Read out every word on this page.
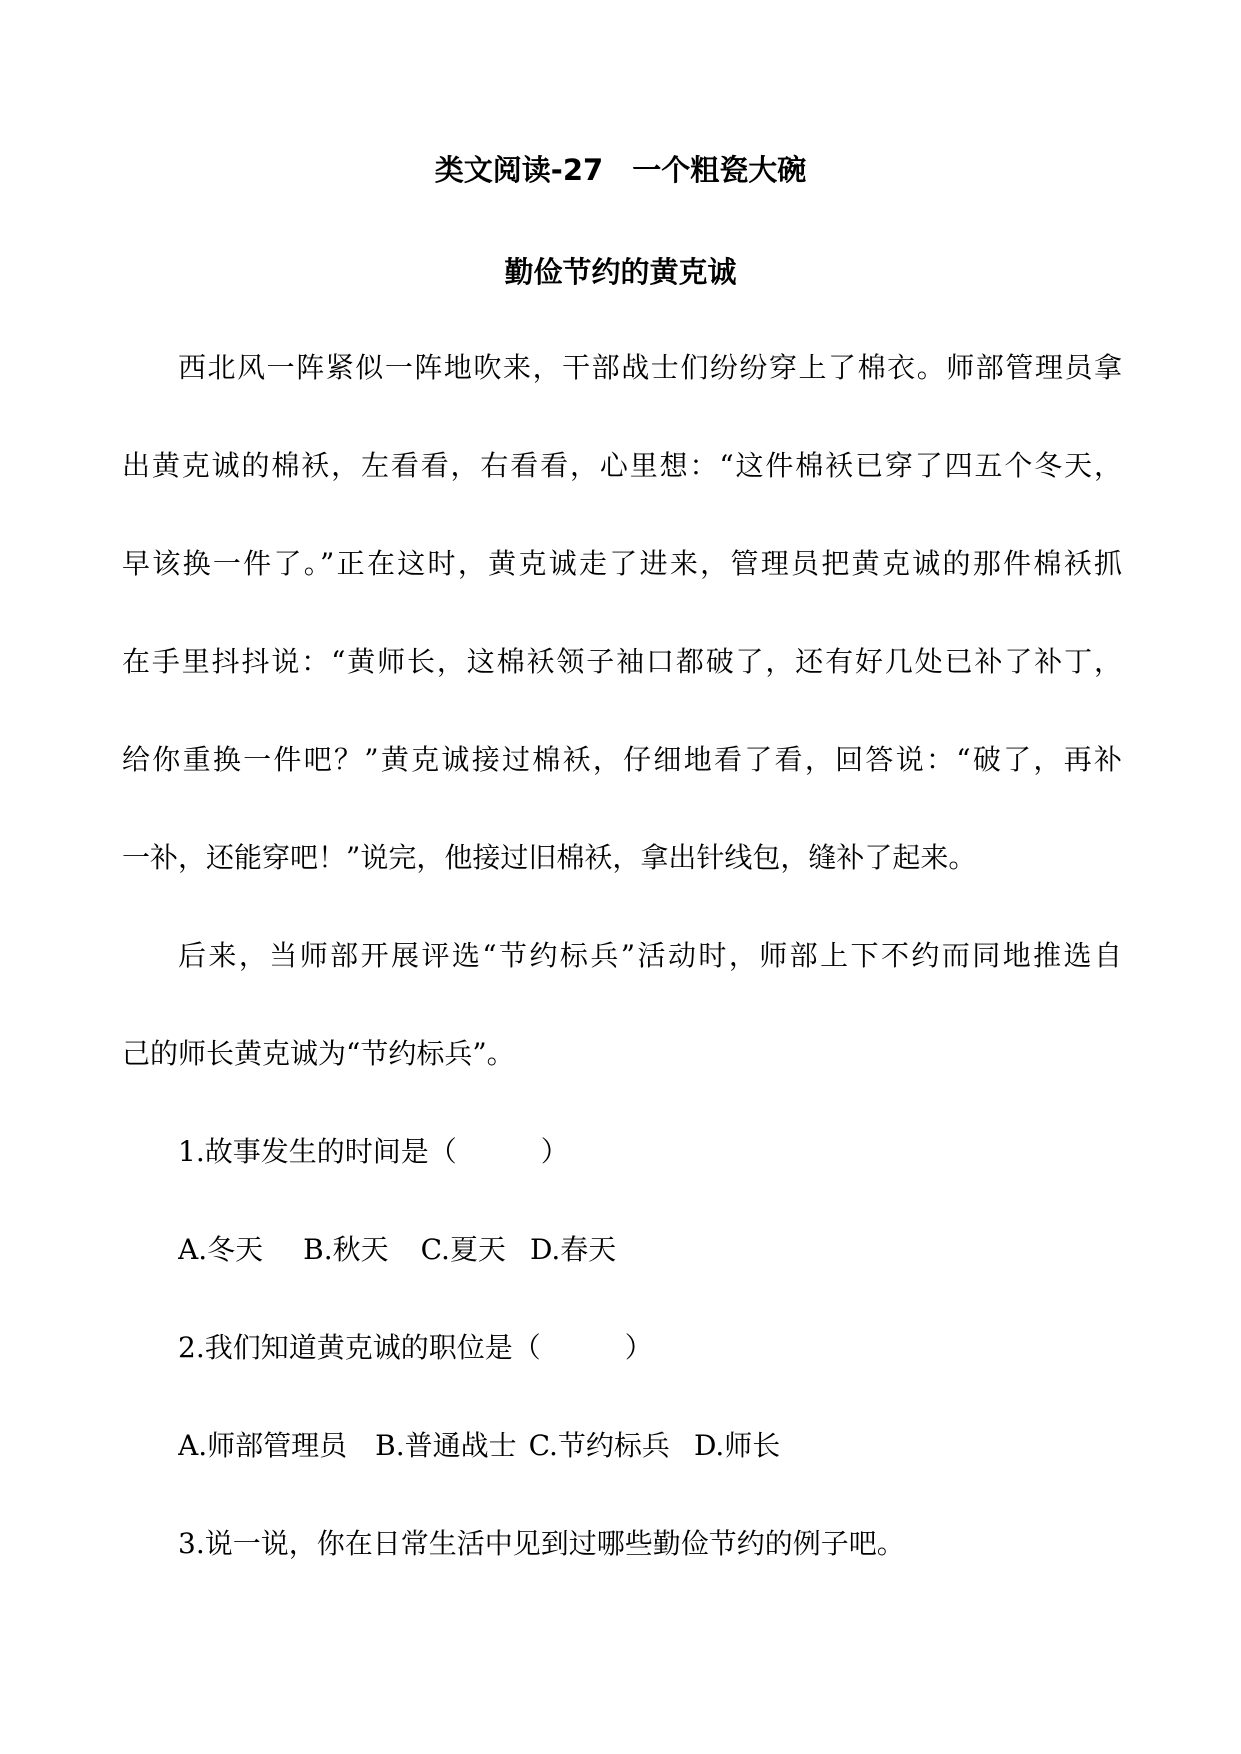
类文阅读-27　一个粗瓷大碗
勤俭节约的黄克诚
西北风一阵紧似一阵地吹来，干部战士们纷纷穿上了棉衣。师部管理员拿
出黄克诚的棉袄，左看看，右看看，心里想：“这件棉袄已穿了四五个冬天，
早该换一件了。”正在这时，黄克诚走了进来，管理员把黄克诚的那件棉袄抓
在手里抖抖说：“黄师长，这棉袄领子袖口都破了，还有好几处已补了补丁，
给你重换一件吧？”黄克诚接过棉袄，仔细地看了看，回答说：“破了，再补
一补，还能穿吧！”说完，他接过旧棉袄，拿出针线包，缝补了起来。
后来，当师部开展评选“节约标兵”活动时，师部上下不约而同地推选自
己的师长黄克诚为“节约标兵”。
1.故事发生的时间是（　　　）
A.冬天 B.秋天 C.夏天 D.春天
2.我们知道黄克诚的职位是（　　　）
A.师部管理员 B.普通战士 C.节约标兵 D.师长
3.说一说，你在日常生活中见到过哪些勤俭节约的例子吧。
